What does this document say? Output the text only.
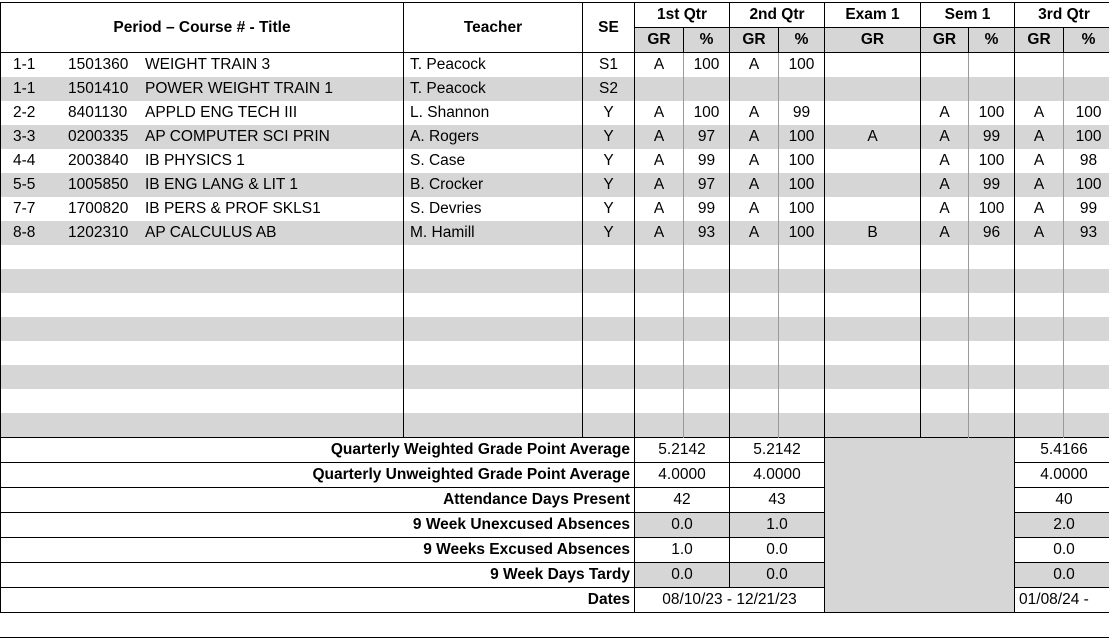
Period – Course # - Title	Teacher	SE	1st Qtr		2nd Qtr		Exam 1	Sem 1		3rd Qtr	
			GR	%	GR	%	GR	GR	%	GR	%
1-1 1501360 WEIGHT TRAIN 3	T. Peacock	S1	A	100	A	100					
1-1 1501410 POWER WEIGHT TRAIN 1	T. Peacock	S2									
2-2 8401130 APPLD ENG TECH III	L. Shannon	Y	A	100	A	99		A	100	A	100
3-3 0200335 AP COMPUTER SCI PRIN	A. Rogers	Y	A	97	A	100	A	A	99	A	100
4-4 2003840 IB PHYSICS 1	S. Case	Y	A	99	A	100		A	100	A	98
5-5 1005850 IB ENG LANG & LIT 1	B. Crocker	Y	A	97	A	100		A	99	A	100
7-7 1700820 IB PERS & PROF SKLS1	S. Devries	Y	A	99	A	100		A	100	A	99
8-8 1202310 AP CALCULUS AB	M. Hamill	Y	A	93	A	100	B	A	96	A	93

Quarterly Weighted Grade Point Average			5.2142		5.2142					5.4166	
Quarterly Unweighted Grade Point Average			4.0000		4.0000					4.0000	
Attendance Days Present			42		43					40	
9 Week Unexcused Absences			0.0		1.0					2.0	
9 Weeks Excused Absences			1.0		0.0					0.0	
9 Week Days Tardy			0.0		0.0					0.0	
Dates			08/10/23 - 12/21/23							01/08/24 -	
